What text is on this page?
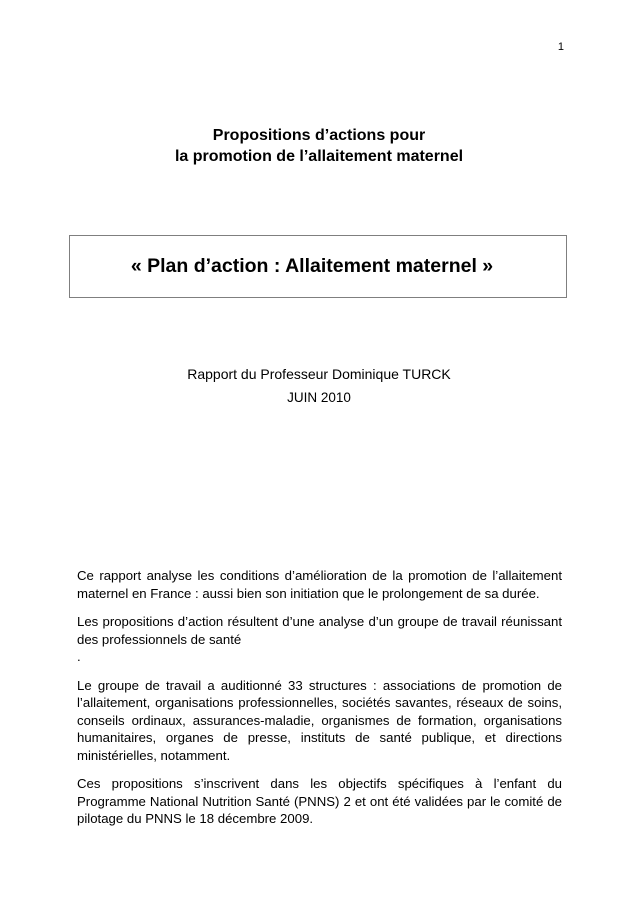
1
Propositions d’actions pour
la promotion de l’allaitement maternel
« Plan d’action : Allaitement maternel »
Rapport du Professeur Dominique TURCK
JUIN 2010

Ce rapport analyse les conditions d’amélioration de la promotion de l’allaitement maternel en France : aussi bien son initiation que le prolongement de sa durée.

Les propositions d’action résultent d’une analyse d’un groupe de travail réunissant des professionnels de santé

.

Le groupe de travail a auditionné 33 structures : associations de promotion de l’allaitement, organisations professionnelles, sociétés savantes, réseaux de soins, conseils ordinaux, assurances-maladie, organismes de formation, organisations humanitaires, organes de presse, instituts de santé publique, et directions ministérielles, notamment.

Ces propositions s’inscrivent dans les objectifs spécifiques à l’enfant du Programme National Nutrition Santé (PNNS) 2 et ont été validées par le comité de pilotage du PNNS le 18 décembre 2009.
